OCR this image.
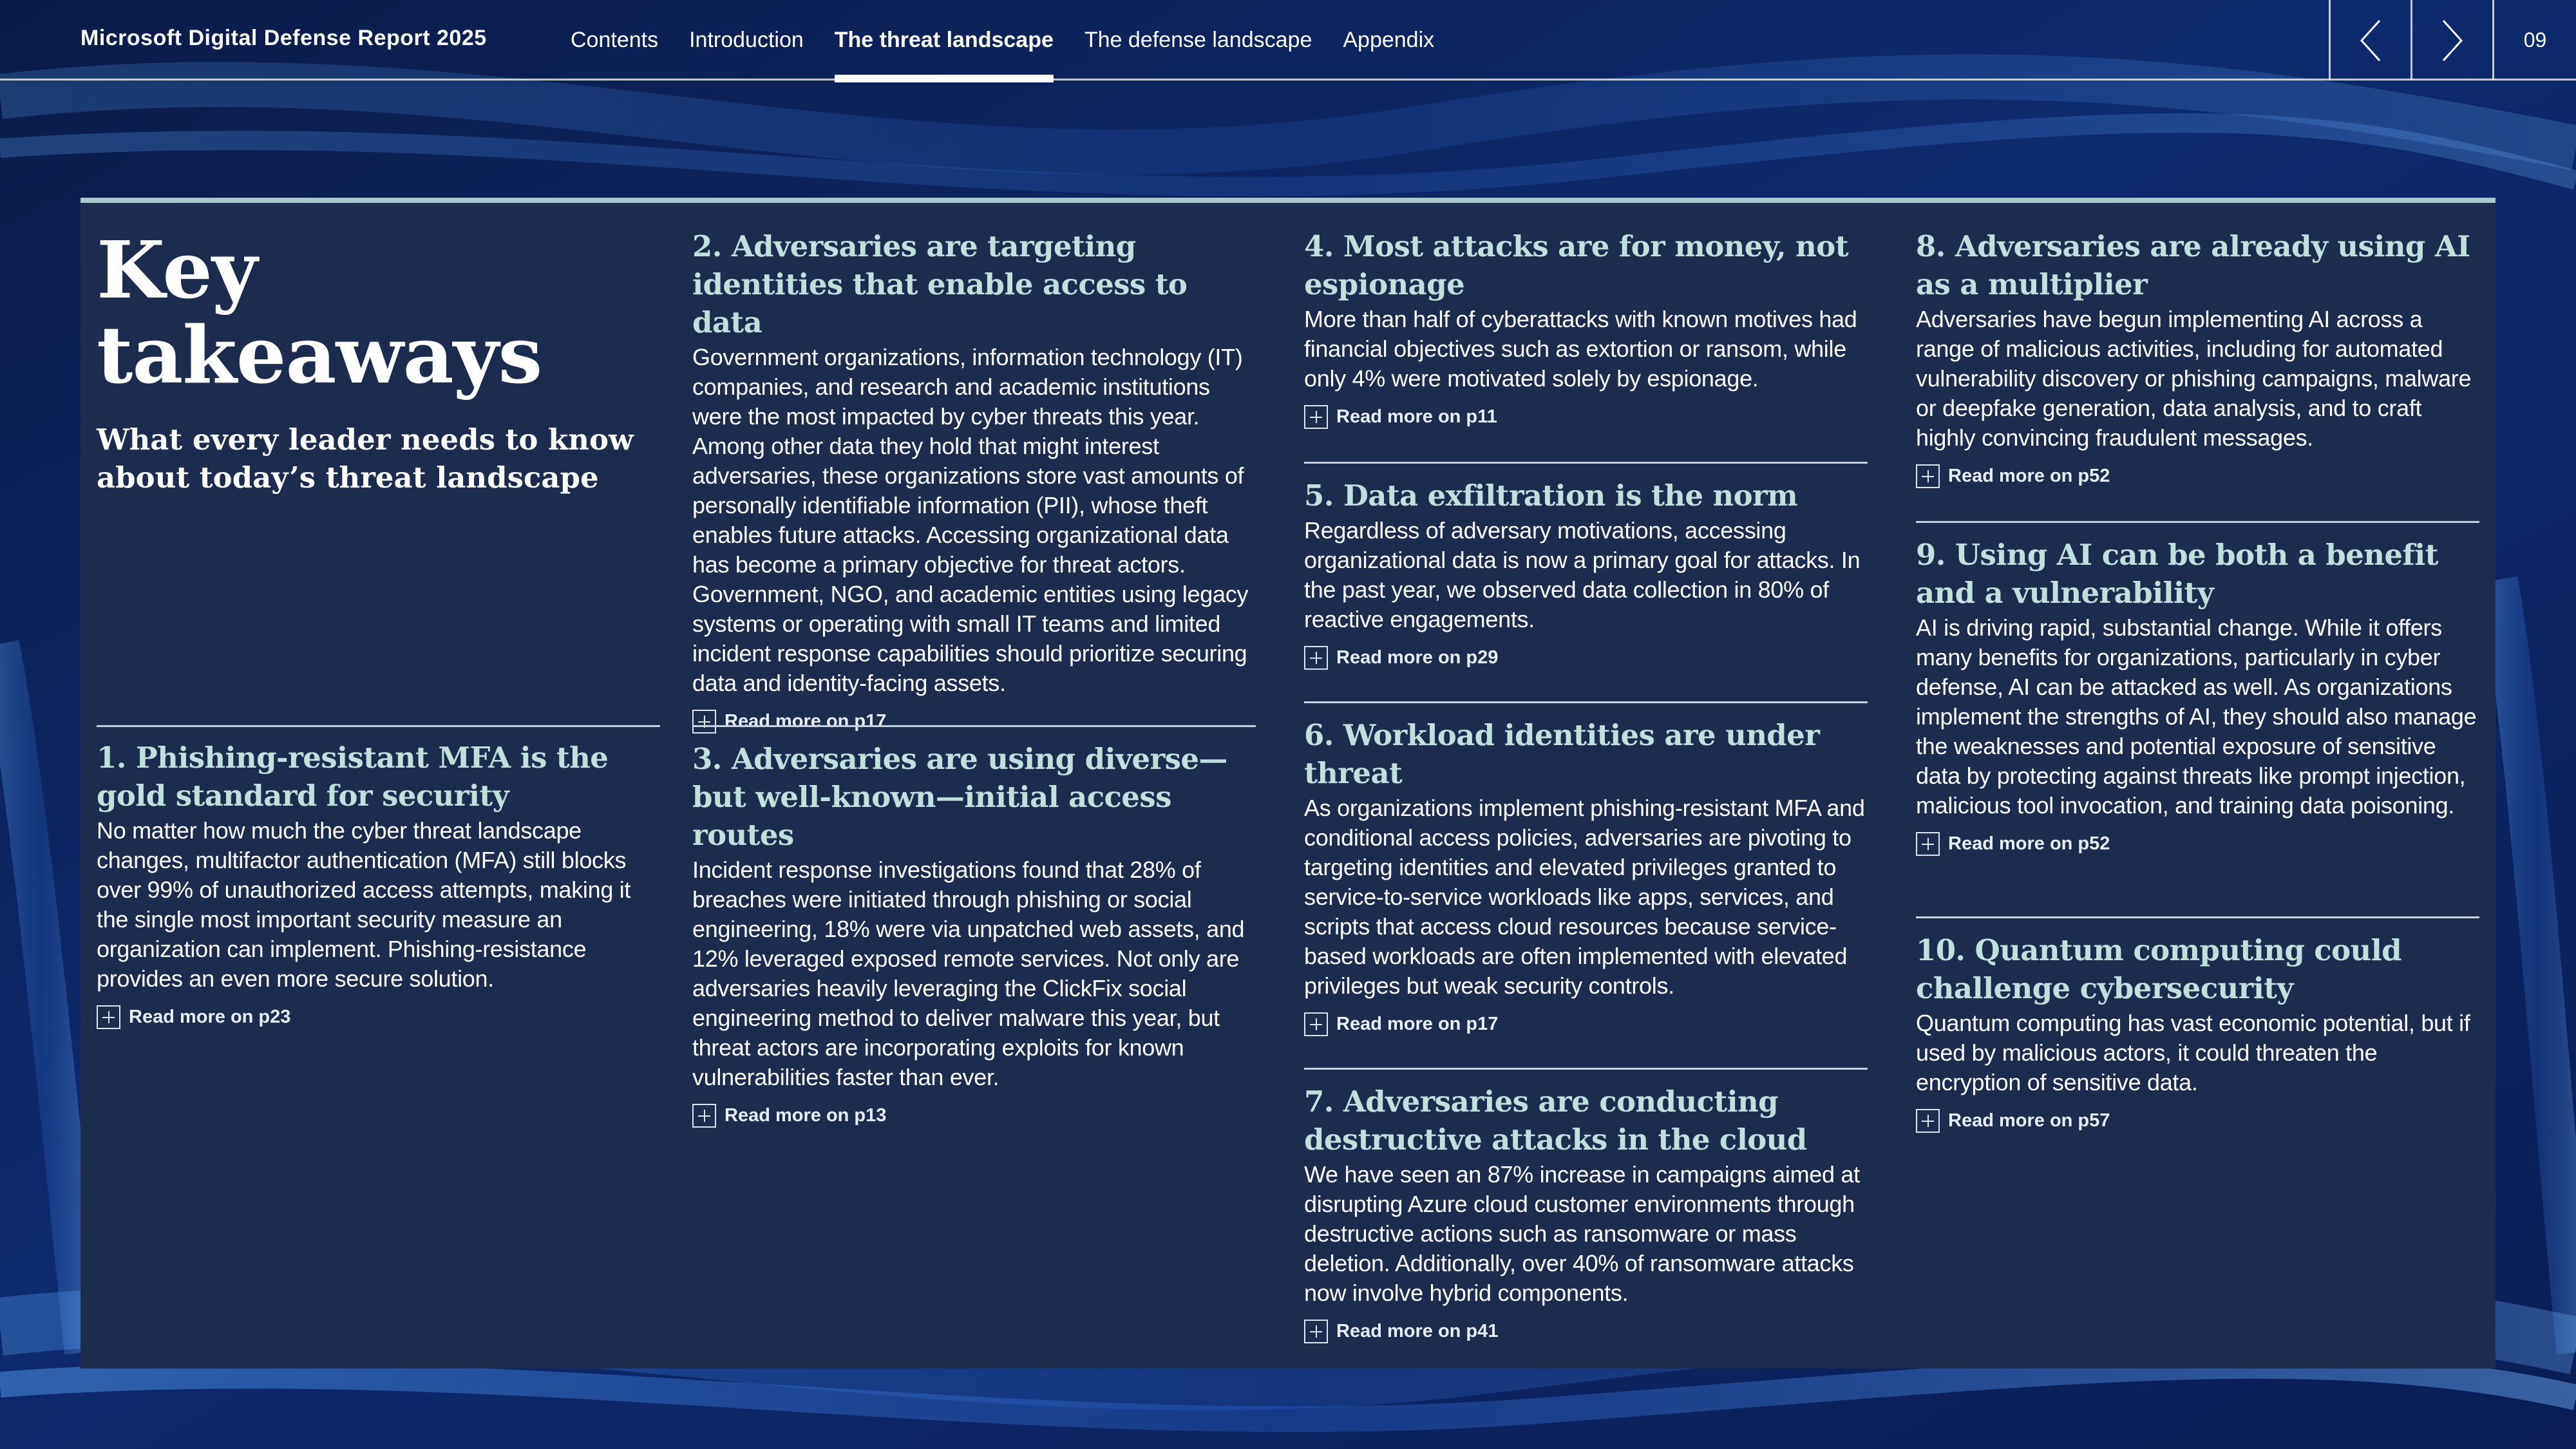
Microsoft Digital Defense Report 2025	Contents Introduction The threat landscape The defense landscape Appendix	09
Key
takeaways
What every leader needs to know
about today’s threat landscape
1. Phishing-resistant MFA is the gold standard for security

No matter how much the cyber threat landscape changes, multifactor authentication (MFA) still blocks over 99% of unauthorized access attempts, making it the single most important security measure an organization can implement. Phishing-resistance provides an even more secure solution.

Read more on p23
2. Adversaries are targeting identities that enable access to data

Government organizations, information technology (IT) companies, and research and academic institutions were the most impacted by cyber threats this year. Among other data they hold that might interest adversaries, these organizations store vast amounts of personally identifiable information (PII), whose theft enables future attacks. Accessing organizational data has become a primary objective for threat actors. Government, NGO, and academic entities using legacy systems or operating with small IT teams and limited incident response capabilities should prioritize securing data and identity-facing assets.

Read more on p17
3. Adversaries are using diverse—but well-known—initial access routes

Incident response investigations found that 28% of breaches were initiated through phishing or social engineering, 18% were via unpatched web assets, and 12% leveraged exposed remote services. Not only are adversaries heavily leveraging the ClickFix social engineering method to deliver malware this year, but threat actors are incorporating exploits for known vulnerabilities faster than ever.

Read more on p13
4. Most attacks are for money, not espionage

More than half of cyberattacks with known motives had financial objectives such as extortion or ransom, while only 4% were motivated solely by espionage.

Read more on p11
5. Data exfiltration is the norm

Regardless of adversary motivations, accessing organizational data is now a primary goal for attacks. In the past year, we observed data collection in 80% of reactive engagements.

Read more on p29
6. Workload identities are under threat

As organizations implement phishing-resistant MFA and conditional access policies, adversaries are pivoting to targeting identities and elevated privileges granted to service-to-service workloads like apps, services, and scripts that access cloud resources because service-based workloads are often implemented with elevated privileges but weak security controls.

Read more on p17
7. Adversaries are conducting destructive attacks in the cloud

We have seen an 87% increase in campaigns aimed at disrupting Azure cloud customer environments through destructive actions such as ransomware or mass deletion. Additionally, over 40% of ransomware attacks now involve hybrid components.

Read more on p41
8. Adversaries are already using AI as a multiplier

Adversaries have begun implementing AI across a range of malicious activities, including for automated vulnerability discovery or phishing campaigns, malware or deepfake generation, data analysis, and to craft highly convincing fraudulent messages.

Read more on p52
9. Using AI can be both a benefit and a vulnerability

AI is driving rapid, substantial change. While it offers many benefits for organizations, particularly in cyber defense, AI can be attacked as well. As organizations implement the strengths of AI, they should also manage the weaknesses and potential exposure of sensitive data by protecting against threats like prompt injection, malicious tool invocation, and training data poisoning.

Read more on p52
10. Quantum computing could challenge cybersecurity

Quantum computing has vast economic potential, but if used by malicious actors, it could threaten the encryption of sensitive data.

Read more on p57
